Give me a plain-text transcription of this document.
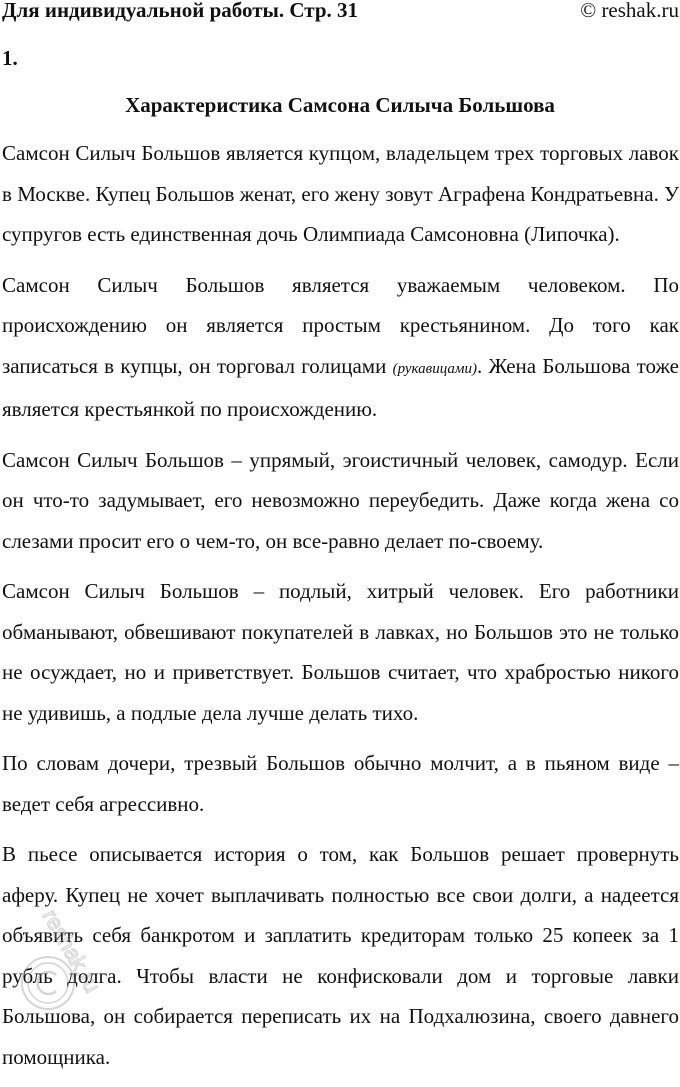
Для индивидуальной работы. Стр. 31	© reshak.ru
1.
Характеристика Самсона Силыча Большова

Самсон Силыч Большов является купцом, владельцем трех торговых лавок в Москве. Купец Большов женат, его жену зовут Аграфена Кондратьевна. У супругов есть единственная дочь Олимпиада Самсоновна (Липочка).

Самсон Силыч Большов является уважаемым человеком. По происхождению он является простым крестьянином. До того как записаться в купцы, он торговал голицами (рукавицами). Жена Большова тоже является крестьянкой по происхождению.

Самсон Силыч Большов – упрямый, эгоистичный человек, самодур. Если он что-то задумывает, его невозможно переубедить. Даже когда жена со слезами просит его о чем-то, он все-равно делает по-своему.

Самсон Силыч Большов – подлый, хитрый человек. Его работники обманывают, обвешивают покупателей в лавках, но Большов это не только не осуждает, но и приветствует. Большов считает, что храбростью никого не удивишь, а подлые дела лучше делать тихо.

По словам дочери, трезвый Большов обычно молчит, а в пьяном виде – ведет себя агрессивно.

В пьесе описывается история о том, как Большов решает провернуть аферу. Купец не хочет выплачивать полностью все свои долги, а надеется объявить себя банкротом и заплатить кредиторам только 25 копеек за 1 рубль долга. Чтобы власти не конфисковали дом и торговые лавки Большова, он собирается переписать их на Подхалюзина, своего давнего помощника.

reshak.ru
